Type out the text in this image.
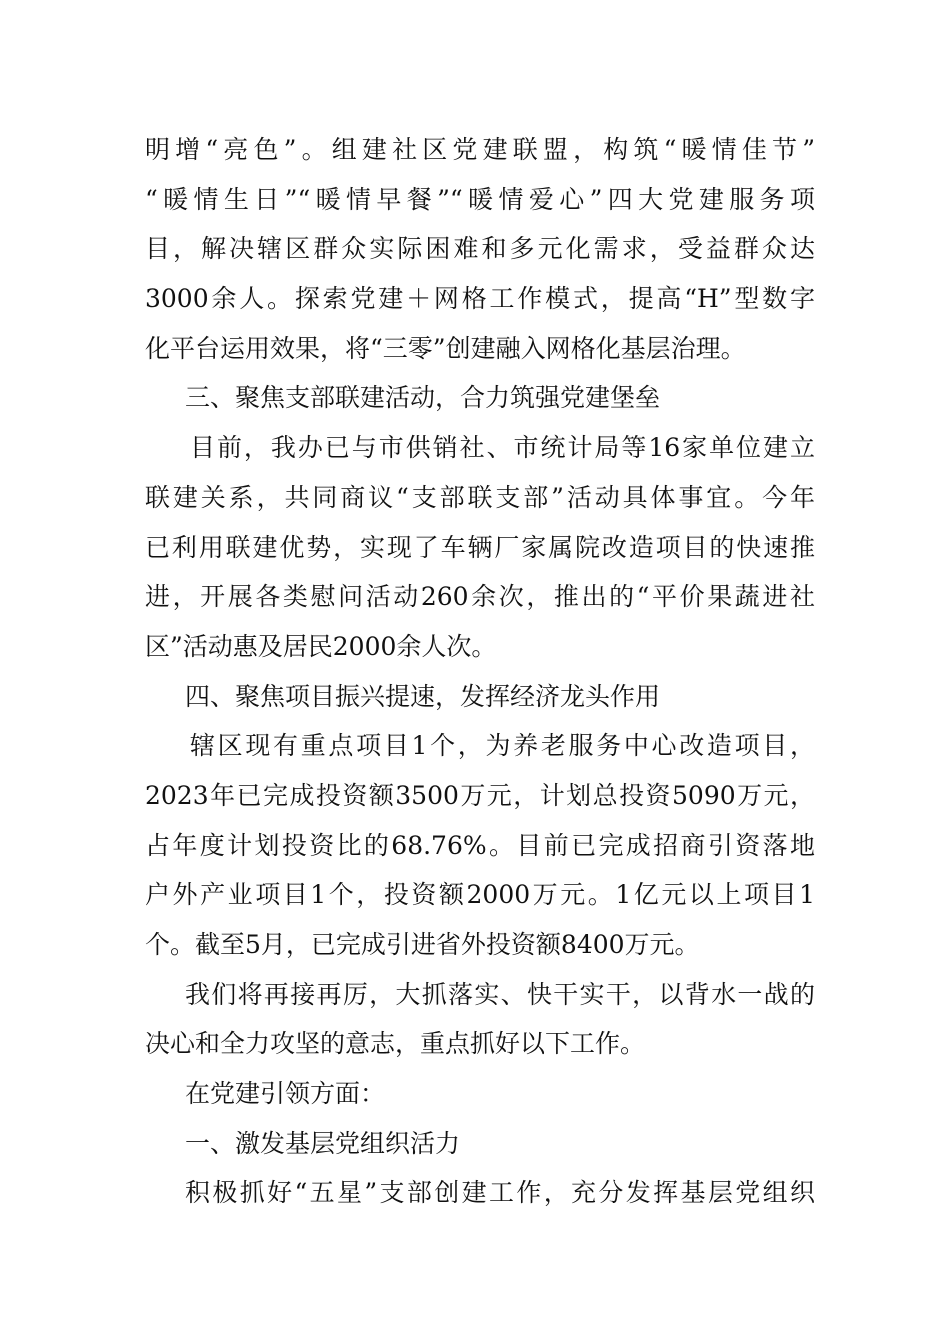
明增“亮色”。组建社区党建联盟，构筑“暖情佳节”
“暖情生日”“暖情早餐”“暖情爱心”四大党建服务项
目，解决辖区群众实际困难和多元化需求，受益群众达
3000余人。探索党建＋网格工作模式，提高“H”型数字
化平台运用效果，将“三零”创建融入网格化基层治理。
三、聚焦支部联建活动，合力筑强党建堡垒
目前，我办已与市供销社、市统计局等16家单位建立
联建关系，共同商议“支部联支部”活动具体事宜。今年
已利用联建优势，实现了车辆厂家属院改造项目的快速推
进，开展各类慰问活动260余次，推出的“平价果蔬进社
区”活动惠及居民2000余人次。
四、聚焦项目振兴提速，发挥经济龙头作用
辖区现有重点项目1个，为养老服务中心改造项目，
2023年已完成投资额3500万元，计划总投资5090万元，
占年度计划投资比的68.76%。目前已完成招商引资落地
户外产业项目1个，投资额2000万元。1亿元以上项目1
个。截至5月，已完成引进省外投资额8400万元。
我们将再接再厉，大抓落实、快干实干，以背水一战的
决心和全力攻坚的意志，重点抓好以下工作。
在党建引领方面：
一、激发基层党组织活力
积极抓好“五星”支部创建工作，充分发挥基层党组织
